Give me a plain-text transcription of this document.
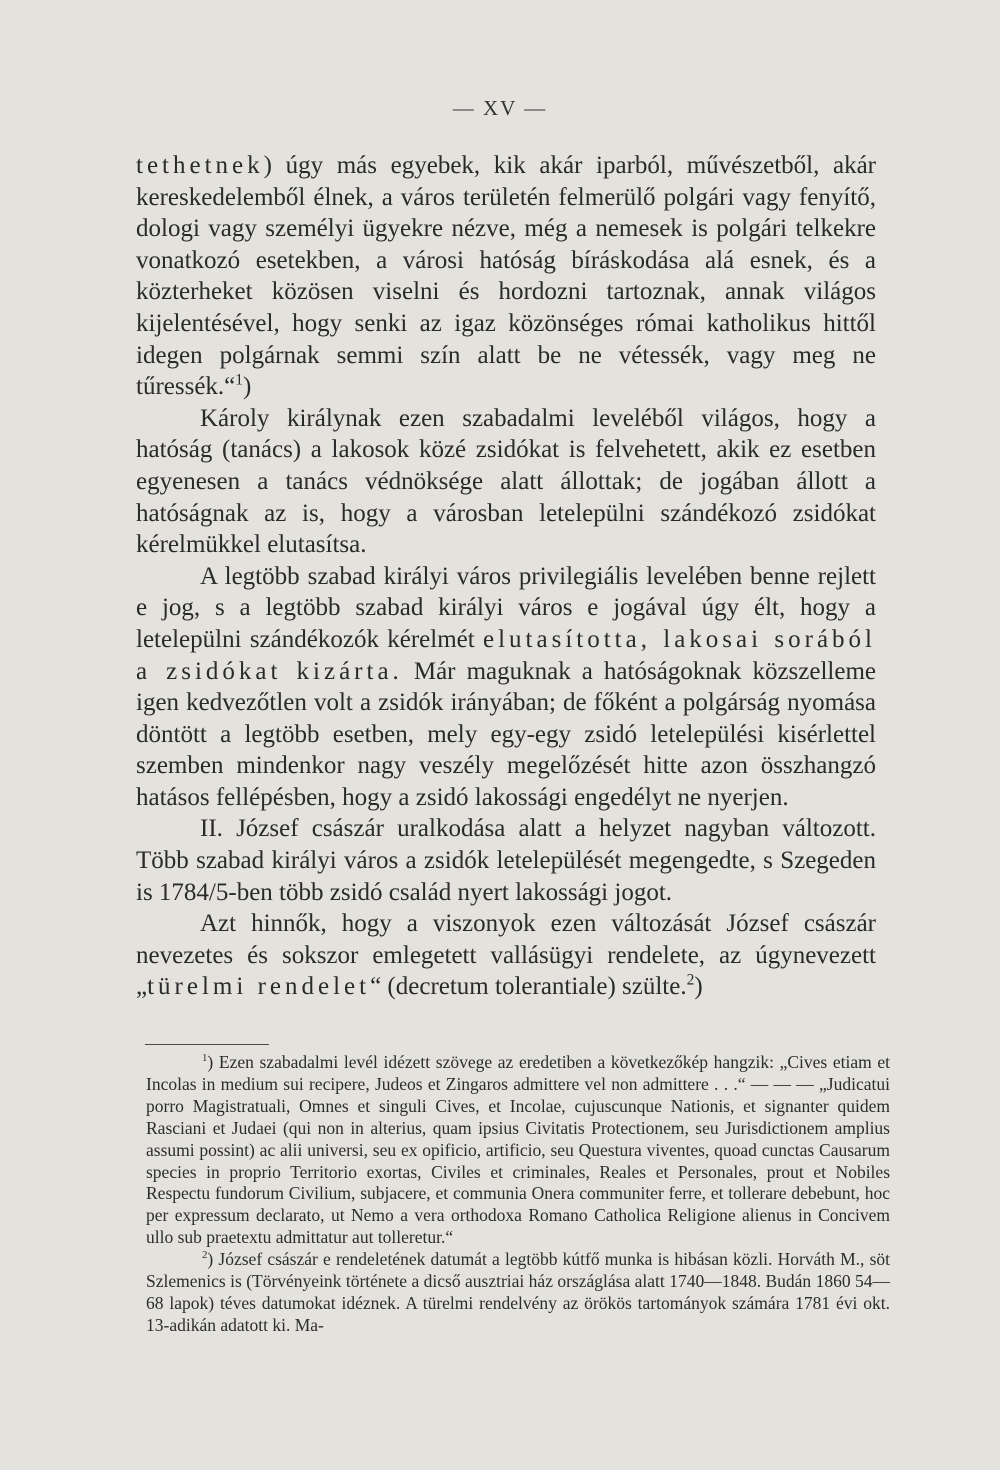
— XV —

tethetnek) úgy más egyebek, kik akár iparból, művészetből, akár kereskedelemből élnek, a város területén felmerülő polgári vagy fenyítő, dologi vagy személyi ügyekre nézve, még a nemesek is polgári telkekre vonatkozó esetekben, a városi hatóság bíráskodása alá esnek, és a közterheket közösen viselni és hordozni tartoznak, annak világos kijelentésével, hogy senki az igaz közönséges római katholikus hittől idegen polgárnak semmi szín alatt be ne vétessék, vagy meg ne tűressék.“$^1$)

Károly királynak ezen szabadalmi leveléből világos, hogy a hatóság (tanács) a lakosok közé zsidókat is felvehetett, akik ez esetben egyenesen a tanács védnöksége alatt állottak; de jogában állott a hatóságnak az is, hogy a városban letelepülni szándékozó zsidókat kérelmükkel elutasítsa.

A legtöbb szabad királyi város privilegiális levelében benne rejlett e jog, s a legtöbb szabad királyi város e jogával úgy élt, hogy a letelepülni szándékozók kérelmét elutasította, lakosai sorából a zsidókat kizárta. Már maguknak a hatóságoknak közszelleme igen kedvezőtlen volt a zsidók irányában; de főként a polgárság nyomása döntött a legtöbb esetben, mely egy-egy zsidó letelepülési kisérlettel szemben mindenkor nagy veszély megelőzését hitte azon összhangzó hatásos fellépésben, hogy a zsidó lakossági engedélyt ne nyerjen.

II. József császár uralkodása alatt a helyzet nagyban változott. Több szabad királyi város a zsidók letelepülését megengedte, s Szegeden is 1784/5-ben több zsidó család nyert lakossági jogot.

Azt hinnők, hogy a viszonyok ezen változását József császár nevezetes és sokszor emlegetett vallásügyi rendelete, az úgynevezett „türelmi rendelet“ (decretum tolerantiale) szülte.$^2$)

$^1$) Ezen szabadalmi levél idézett szövege az eredetiben a következőkép hangzik: „Cives etiam et Incolas in medium sui recipere, Judeos et Zingaros admittere vel non admittere . . .“ — — — „Judicatui porro Magistratuali, Omnes et singuli Cives, et Incolae, cujuscunque Nationis, et signanter quidem Rasciani et Judaei (qui non in alterius, quam ipsius Civitatis Protectionem, seu Jurisdictionem amplius assumi possint) ac alii universi, seu ex opificio, artificio, seu Questura viventes, quoad cunctas Causarum species in proprio Territorio exortas, Civiles et criminales, Reales et Personales, prout et Nobiles Respectu fundorum Civilium, subjacere, et communia Onera communiter ferre, et tollerare debebunt, hoc per expressum declarato, ut Nemo a vera orthodoxa Romano Catholica Religione alienus in Concivem ullo sub praetextu admittatur aut tolleretur.“

$^2$) József császár e rendeletének datumát a legtöbb kútfő munka is hibásan közli. Horváth M., söt Szlemenics is (Törvényeink története a dicső ausztriai ház országlása alatt 1740—1848. Budán 1860 54—68 lapok) téves datumokat idéznek. A türelmi rendelvény az örökös tartományok számára 1781 évi okt. 13-adikán adatott ki. Ma-
